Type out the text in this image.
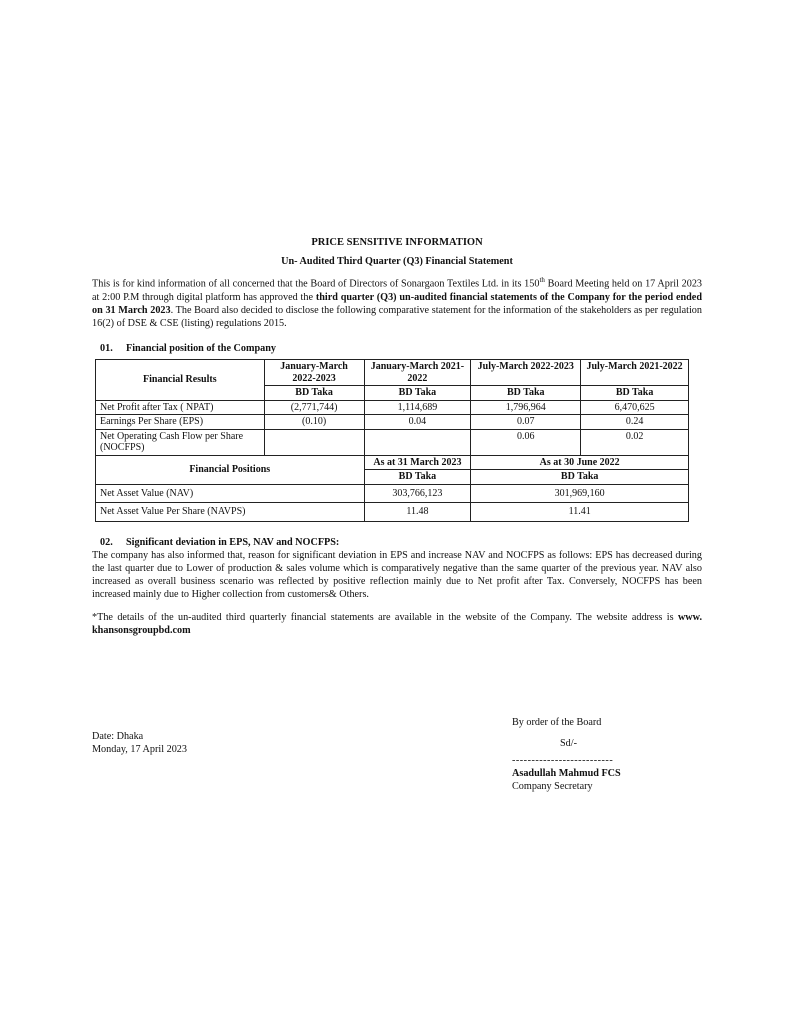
PRICE SENSITIVE INFORMATION

Un- Audited Third Quarter (Q3) Financial Statement

This is for kind information of all concerned that the Board of Directors of Sonargaon Textiles Ltd. in its 150th Board Meeting held on 17 April 2023 at 2:00 P.M through digital platform has approved the third quarter (Q3) un-audited financial statements of the Company for the period ended on 31 March 2023. The Board also decided to disclose the following comparative statement for the information of the stakeholders as per regulation 16(2) of DSE & CSE (listing) regulations 2015.

01. Financial position of the Company
Financial Results	January-March 2022-2023	January-March 2021-2022	July-March 2022-2023	July-March 2021-2022
	BD Taka	BD Taka	BD Taka	BD Taka
Net Profit after Tax ( NPAT)	(2,771,744)	1,114,689	1,796,964	6,470,625
Earnings Per Share (EPS)	(0.10)	0.04	0.07	0.24
Net Operating Cash Flow per Share (NOCFPS)			0.06	0.02
Financial Positions		As at 31 March 2023	As at 30 June 2022	
		BD Taka	BD Taka	
Net Asset Value (NAV)		303,766,123	301,969,160	
Net Asset Value Per Share (NAVPS)		11.48	11.41	
02. Significant deviation in EPS, NAV and NOCFPS:

The company has also informed that, reason for significant deviation in EPS and increase NAV and NOCFPS as follows: EPS has decreased during the last quarter due to Lower of production & sales volume which is comparatively negative than the same quarter of the previous year. NAV also increased as overall business scenario was reflected by positive reflection mainly due to Net profit after Tax. Conversely, NOCFPS has been increased mainly due to Higher collection from customers& Others.

*The details of the un-audited third quarterly financial statements are available in the website of the Company. The website address is www. khansonsgroupbd.com

Date: Dhaka
Monday, 17 April 2023
By order of the Board
Sd/-
--------------------------
Asadullah Mahmud FCS
Company Secretary
